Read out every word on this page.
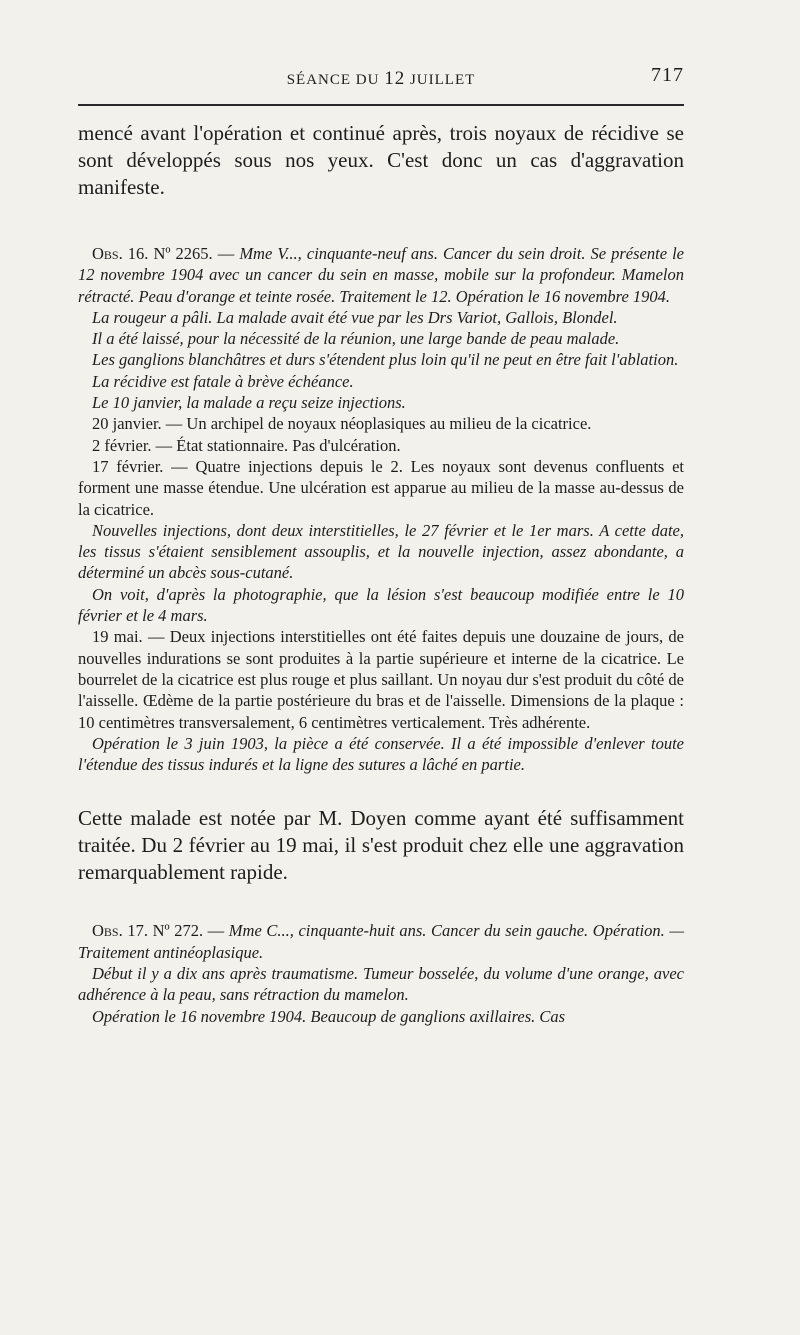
SÉANCE DU 12 JUILLET	717

mencé avant l'opération et continué après, trois noyaux de récidive se sont développés sous nos yeux. C'est donc un cas d'aggravation manifeste.

Obs. 16. Nº 2265. — Mme V..., cinquante-neuf ans. Cancer du sein droit. Se présente le 12 novembre 1904 avec un cancer du sein en masse, mobile sur la profondeur. Mamelon rétracté. Peau d'orange et teinte rosée. Traitement le 12. Opération le 16 novembre 1904.

La rougeur a pâli. La malade avait été vue par les Drs Variot, Gallois, Blondel.

Il a été laissé, pour la nécessité de la réunion, une large bande de peau malade.

Les ganglions blanchâtres et durs s'étendent plus loin qu'il ne peut en être fait l'ablation.

La récidive est fatale à brève échéance.

Le 10 janvier, la malade a reçu seize injections.

20 janvier. — Un archipel de noyaux néoplasiques au milieu de la cicatrice.

2 février. — État stationnaire. Pas d'ulcération.

17 février. — Quatre injections depuis le 2. Les noyaux sont devenus confluents et forment une masse étendue. Une ulcération est apparue au milieu de la masse au-dessus de la cicatrice.

Nouvelles injections, dont deux interstitielles, le 27 février et le 1er mars. A cette date, les tissus s'étaient sensiblement assouplis, et la nouvelle injection, assez abondante, a déterminé un abcès sous-cutané.

On voit, d'après la photographie, que la lésion s'est beaucoup modifiée entre le 10 février et le 4 mars.

19 mai. — Deux injections interstitielles ont été faites depuis une douzaine de jours, de nouvelles indurations se sont produites à la partie supérieure et interne de la cicatrice. Le bourrelet de la cicatrice est plus rouge et plus saillant. Un noyau dur s'est produit du côté de l'aisselle. Œdème de la partie postérieure du bras et de l'aisselle. Dimensions de la plaque : 10 centimètres transversalement, 6 centimètres verticalement. Très adhérente.

Opération le 3 juin 1903, la pièce a été conservée. Il a été impossible d'enlever toute l'étendue des tissus indurés et la ligne des sutures a lâché en partie.

Cette malade est notée par M. Doyen comme ayant été suffisamment traitée. Du 2 février au 19 mai, il s'est produit chez elle une aggravation remarquablement rapide.

Obs. 17. Nº 272. — Mme C..., cinquante-huit ans. Cancer du sein gauche. Opération. — Traitement antinéoplasique.

Début il y a dix ans après traumatisme. Tumeur bosselée, du volume d'une orange, avec adhérence à la peau, sans rétraction du mamelon.

Opération le 16 novembre 1904. Beaucoup de ganglions axillaires. Cas
